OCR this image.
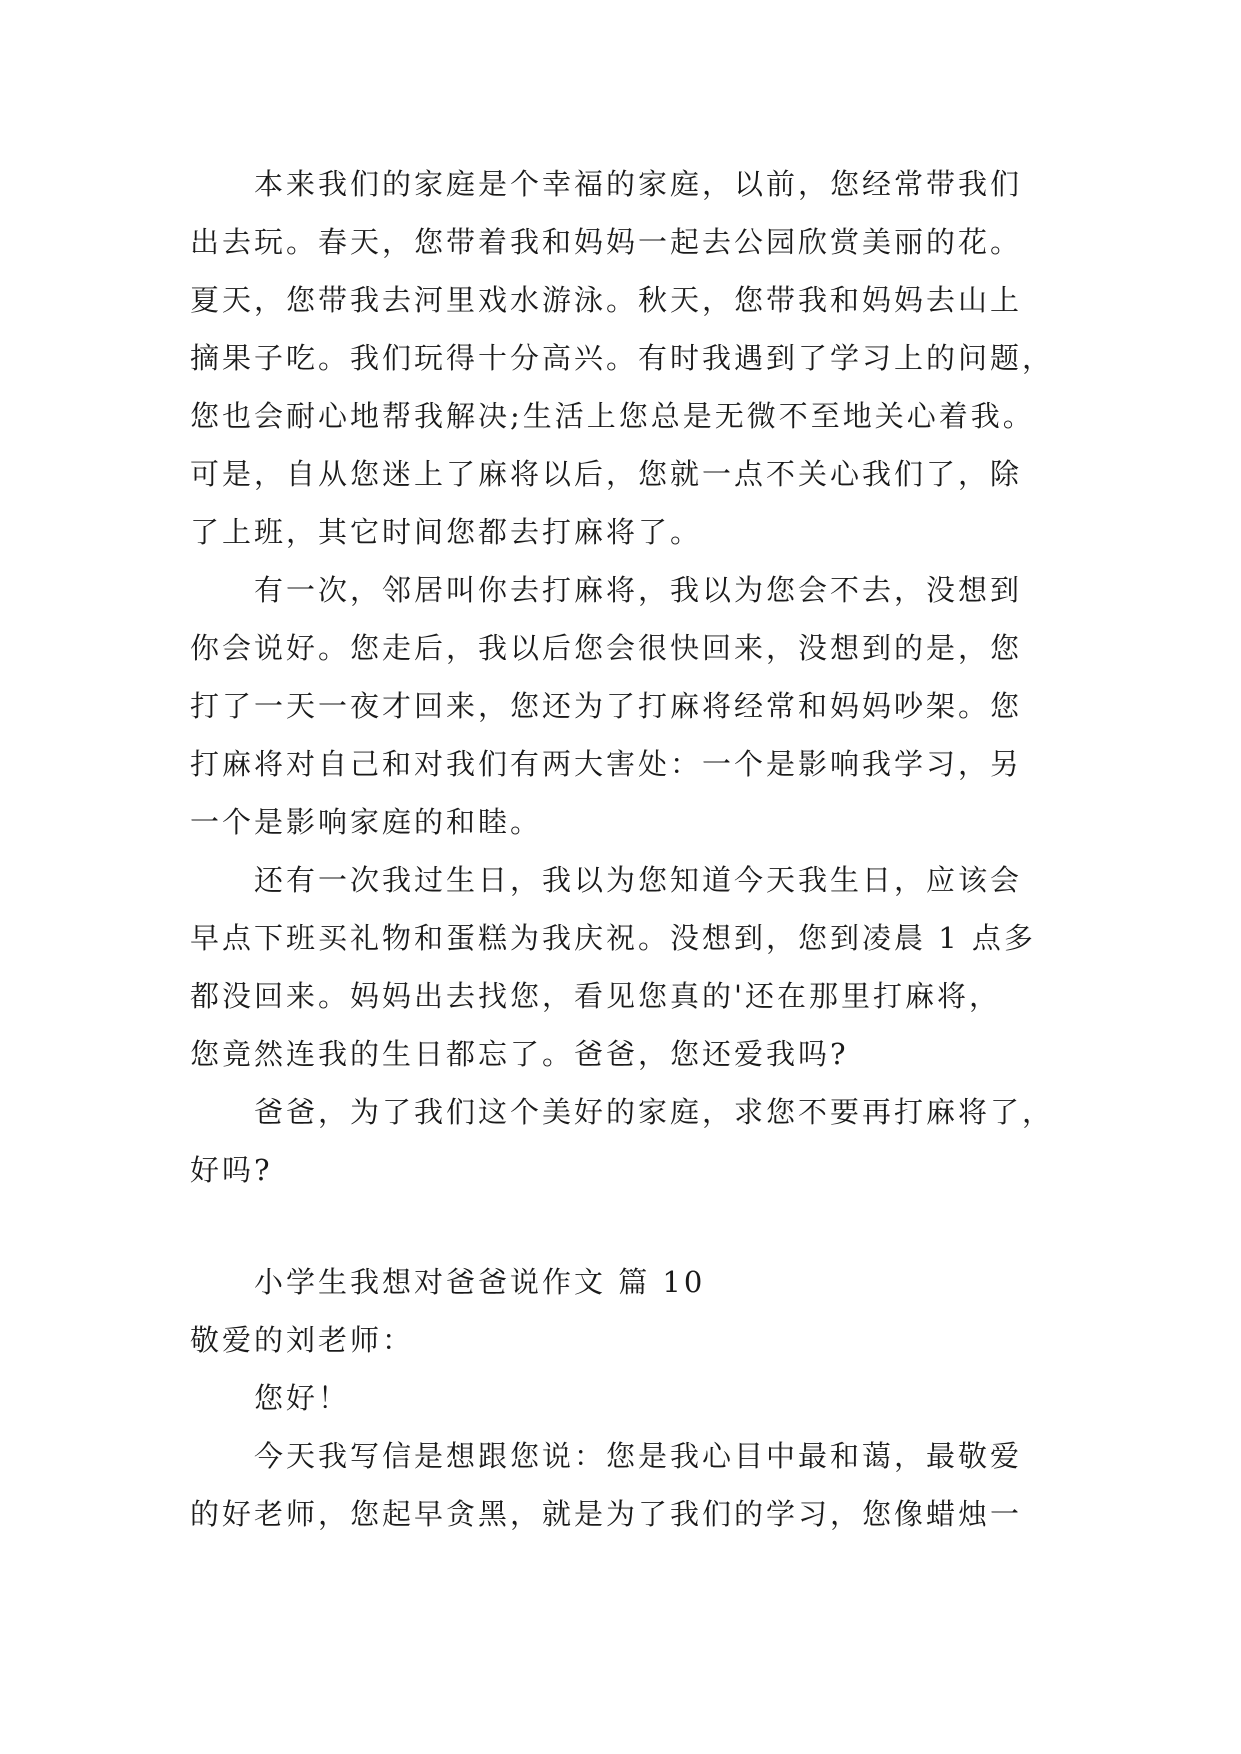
本来我们的家庭是个幸福的家庭，以前，您经常带我们
出去玩。春天，您带着我和妈妈一起去公园欣赏美丽的花。
夏天，您带我去河里戏水游泳。秋天，您带我和妈妈去山上
摘果子吃。我们玩得十分高兴。有时我遇到了学习上的问题，
您也会耐心地帮我解决;生活上您总是无微不至地关心着我。
可是，自从您迷上了麻将以后，您就一点不关心我们了，除
了上班，其它时间您都去打麻将了。
有一次，邻居叫你去打麻将，我以为您会不去，没想到
你会说好。您走后，我以后您会很快回来，没想到的是，您
打了一天一夜才回来，您还为了打麻将经常和妈妈吵架。您
打麻将对自己和对我们有两大害处：一个是影响我学习，另
一个是影响家庭的和睦。
还有一次我过生日，我以为您知道今天我生日，应该会
早点下班买礼物和蛋糕为我庆祝。没想到，您到凌晨 1 点多
都没回来。妈妈出去找您，看见您真的'还在那里打麻将，
您竟然连我的生日都忘了。爸爸，您还爱我吗?
爸爸，为了我们这个美好的家庭，求您不要再打麻将了，
好吗?
小学生我想对爸爸说作文 篇 10
敬爱的刘老师：
您好！
今天我写信是想跟您说：您是我心目中最和蔼，最敬爱
的好老师，您起早贪黑，就是为了我们的学习，您像蜡烛一
